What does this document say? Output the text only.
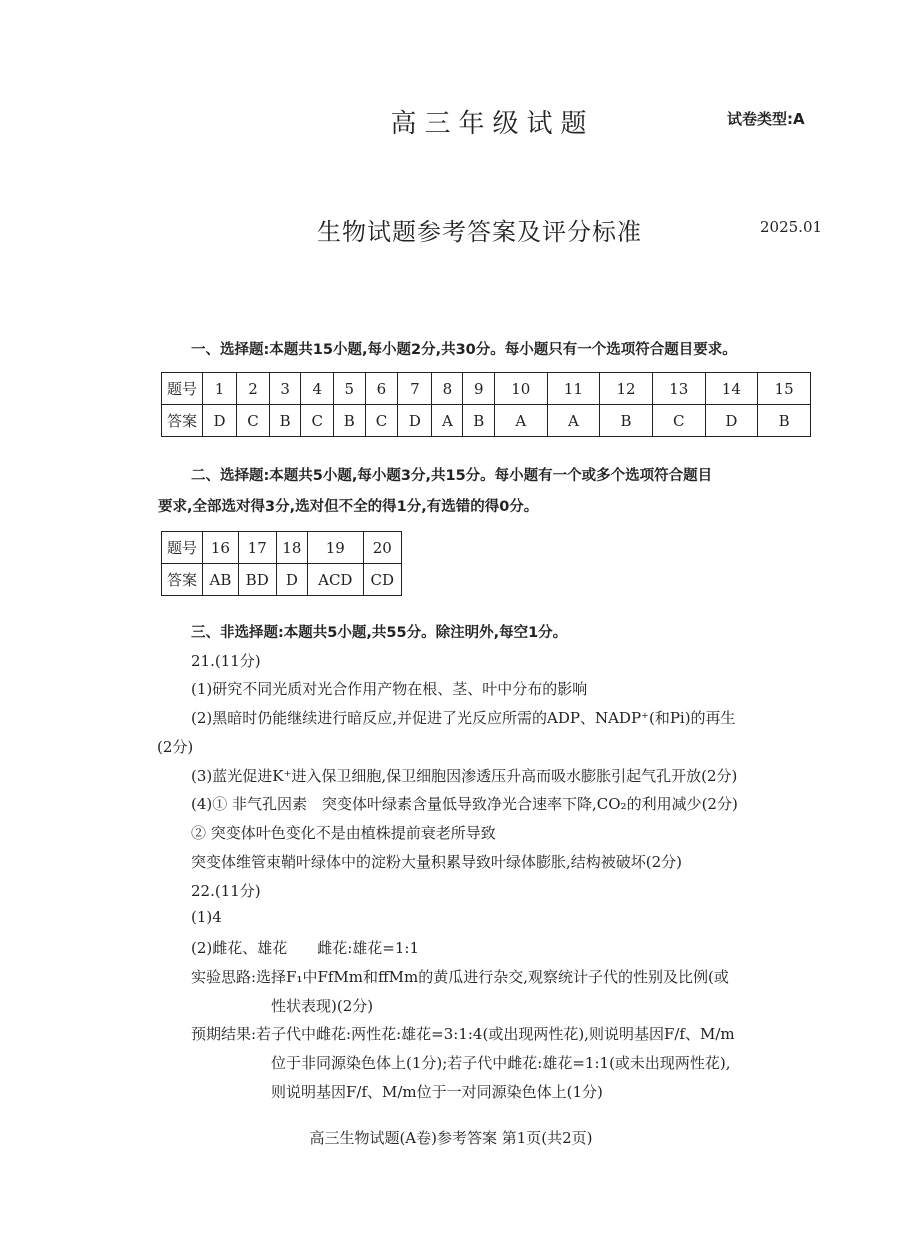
高三年级试题	试卷类型:A
生物试题参考答案及评分标准	2025.01
一、选择题:本题共15小题,每小题2分,共30分。每小题只有一个选项符合题目要求。
题号	1	2	3	4	5	6	7	8	9	10	11	12	13	14	15
答案	D	C	B	C	B	C	D	A	B	A	A	B	C	D	B
二、选择题:本题共5小题,每小题3分,共15分。每小题有一个或多个选项符合题目
要求,全部选对得3分,选对但不全的得1分,有选错的得0分。
题号	16	17	18	19	20
答案	AB	BD	D	ACD	CD
三、非选择题:本题共5小题,共55分。除注明外,每空1分。
21.(11分)
(1)研究不同光质对光合作用产物在根、茎、叶中分布的影响
(2)黑暗时仍能继续进行暗反应,并促进了光反应所需的ADP、NADP⁺(和Pi)的再生
(2分)
(3)蓝光促进K⁺进入保卫细胞,保卫细胞因渗透压升高而吸水膨胀引起气孔开放(2分)
(4)① 非气孔因素　突变体叶绿素含量低导致净光合速率下降,CO₂的利用减少(2分)
② 突变体叶色变化不是由植株提前衰老所导致
突变体维管束鞘叶绿体中的淀粉大量积累导致叶绿体膨胀,结构被破坏(2分)
22.(11分)
(1)4
(2)雌花、雄花　　雌花:雄花=1:1
实验思路:选择F₁中FfMm和ffMm的黄瓜进行杂交,观察统计子代的性别及比例(或
性状表现)(2分)
预期结果:若子代中雌花:两性花:雄花=3:1:4(或出现两性花),则说明基因F/f、M/m
位于非同源染色体上(1分);若子代中雌花:雄花=1:1(或未出现两性花),
则说明基因F/f、M/m位于一对同源染色体上(1分)
高三生物试题(A卷)参考答案 第1页(共2页)
